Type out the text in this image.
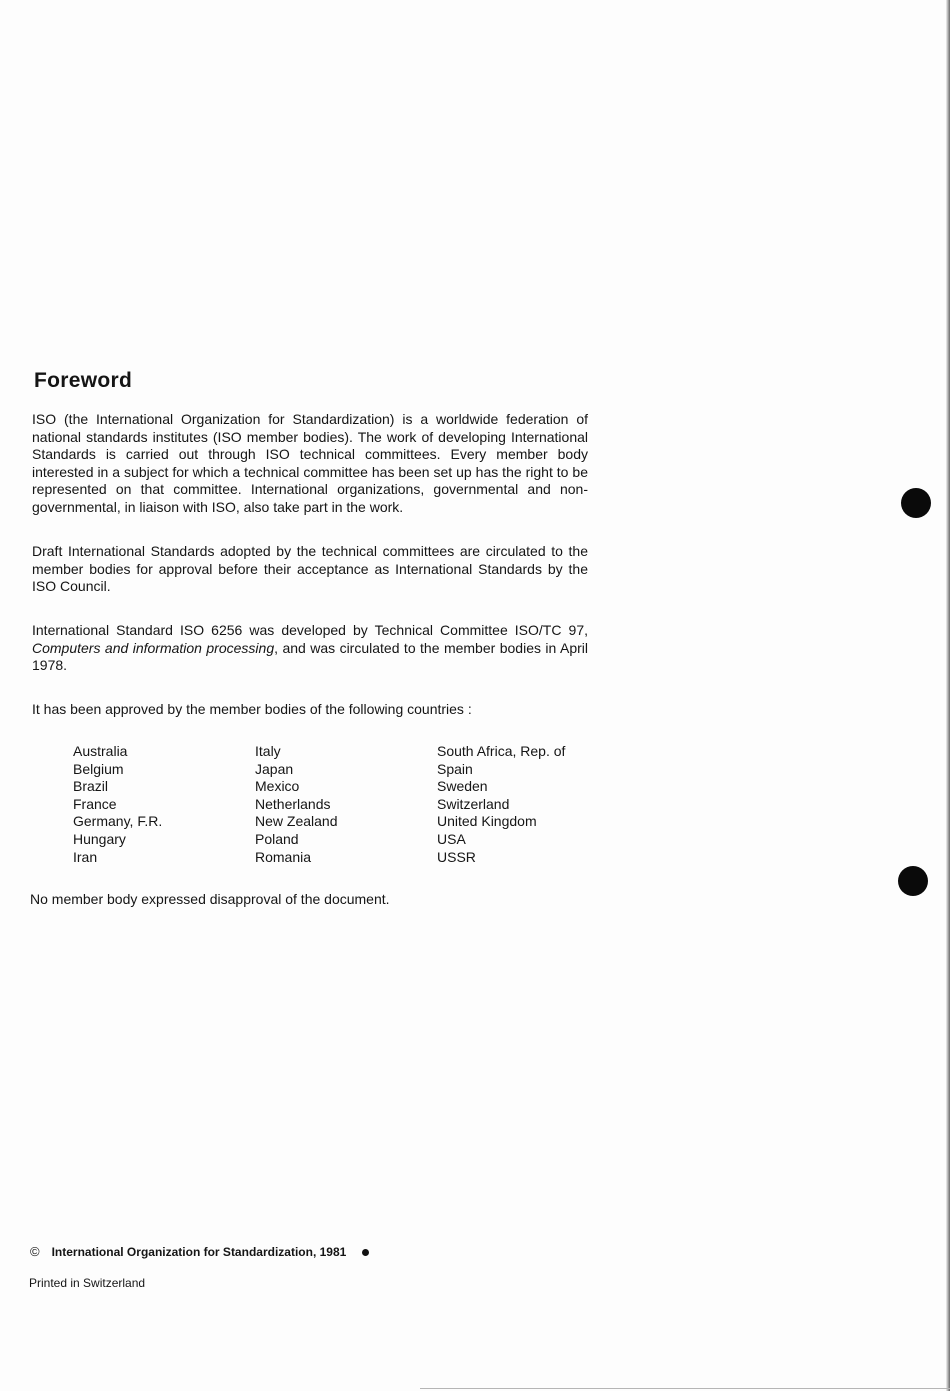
Foreword

ISO (the International Organization for Standardization) is a worldwide federation of national standards institutes (ISO member bodies). The work of developing International Standards is carried out through ISO technical committees. Every member body interested in a subject for which a technical committee has been set up has the right to be represented on that committee. International organizations, governmental and non-governmental, in liaison with ISO, also take part in the work.

Draft International Standards adopted by the technical committees are circulated to the member bodies for approval before their acceptance as International Standards by the ISO Council.

International Standard ISO 6256 was developed by Technical Committee ISO/TC 97, Computers and information processing, and was circulated to the member bodies in April 1978.

It has been approved by the member bodies of the following countries :

Australia
Belgium
Brazil
France
Germany, F.R.
Hungary
Iran
Italy
Japan
Mexico
Netherlands
New Zealand
Poland
Romania
South Africa, Rep. of
Spain
Sweden
Switzerland
United Kingdom
USA
USSR

No member body expressed disapproval of the document.

© International Organization for Standardization, 1981
Printed in Switzerland
